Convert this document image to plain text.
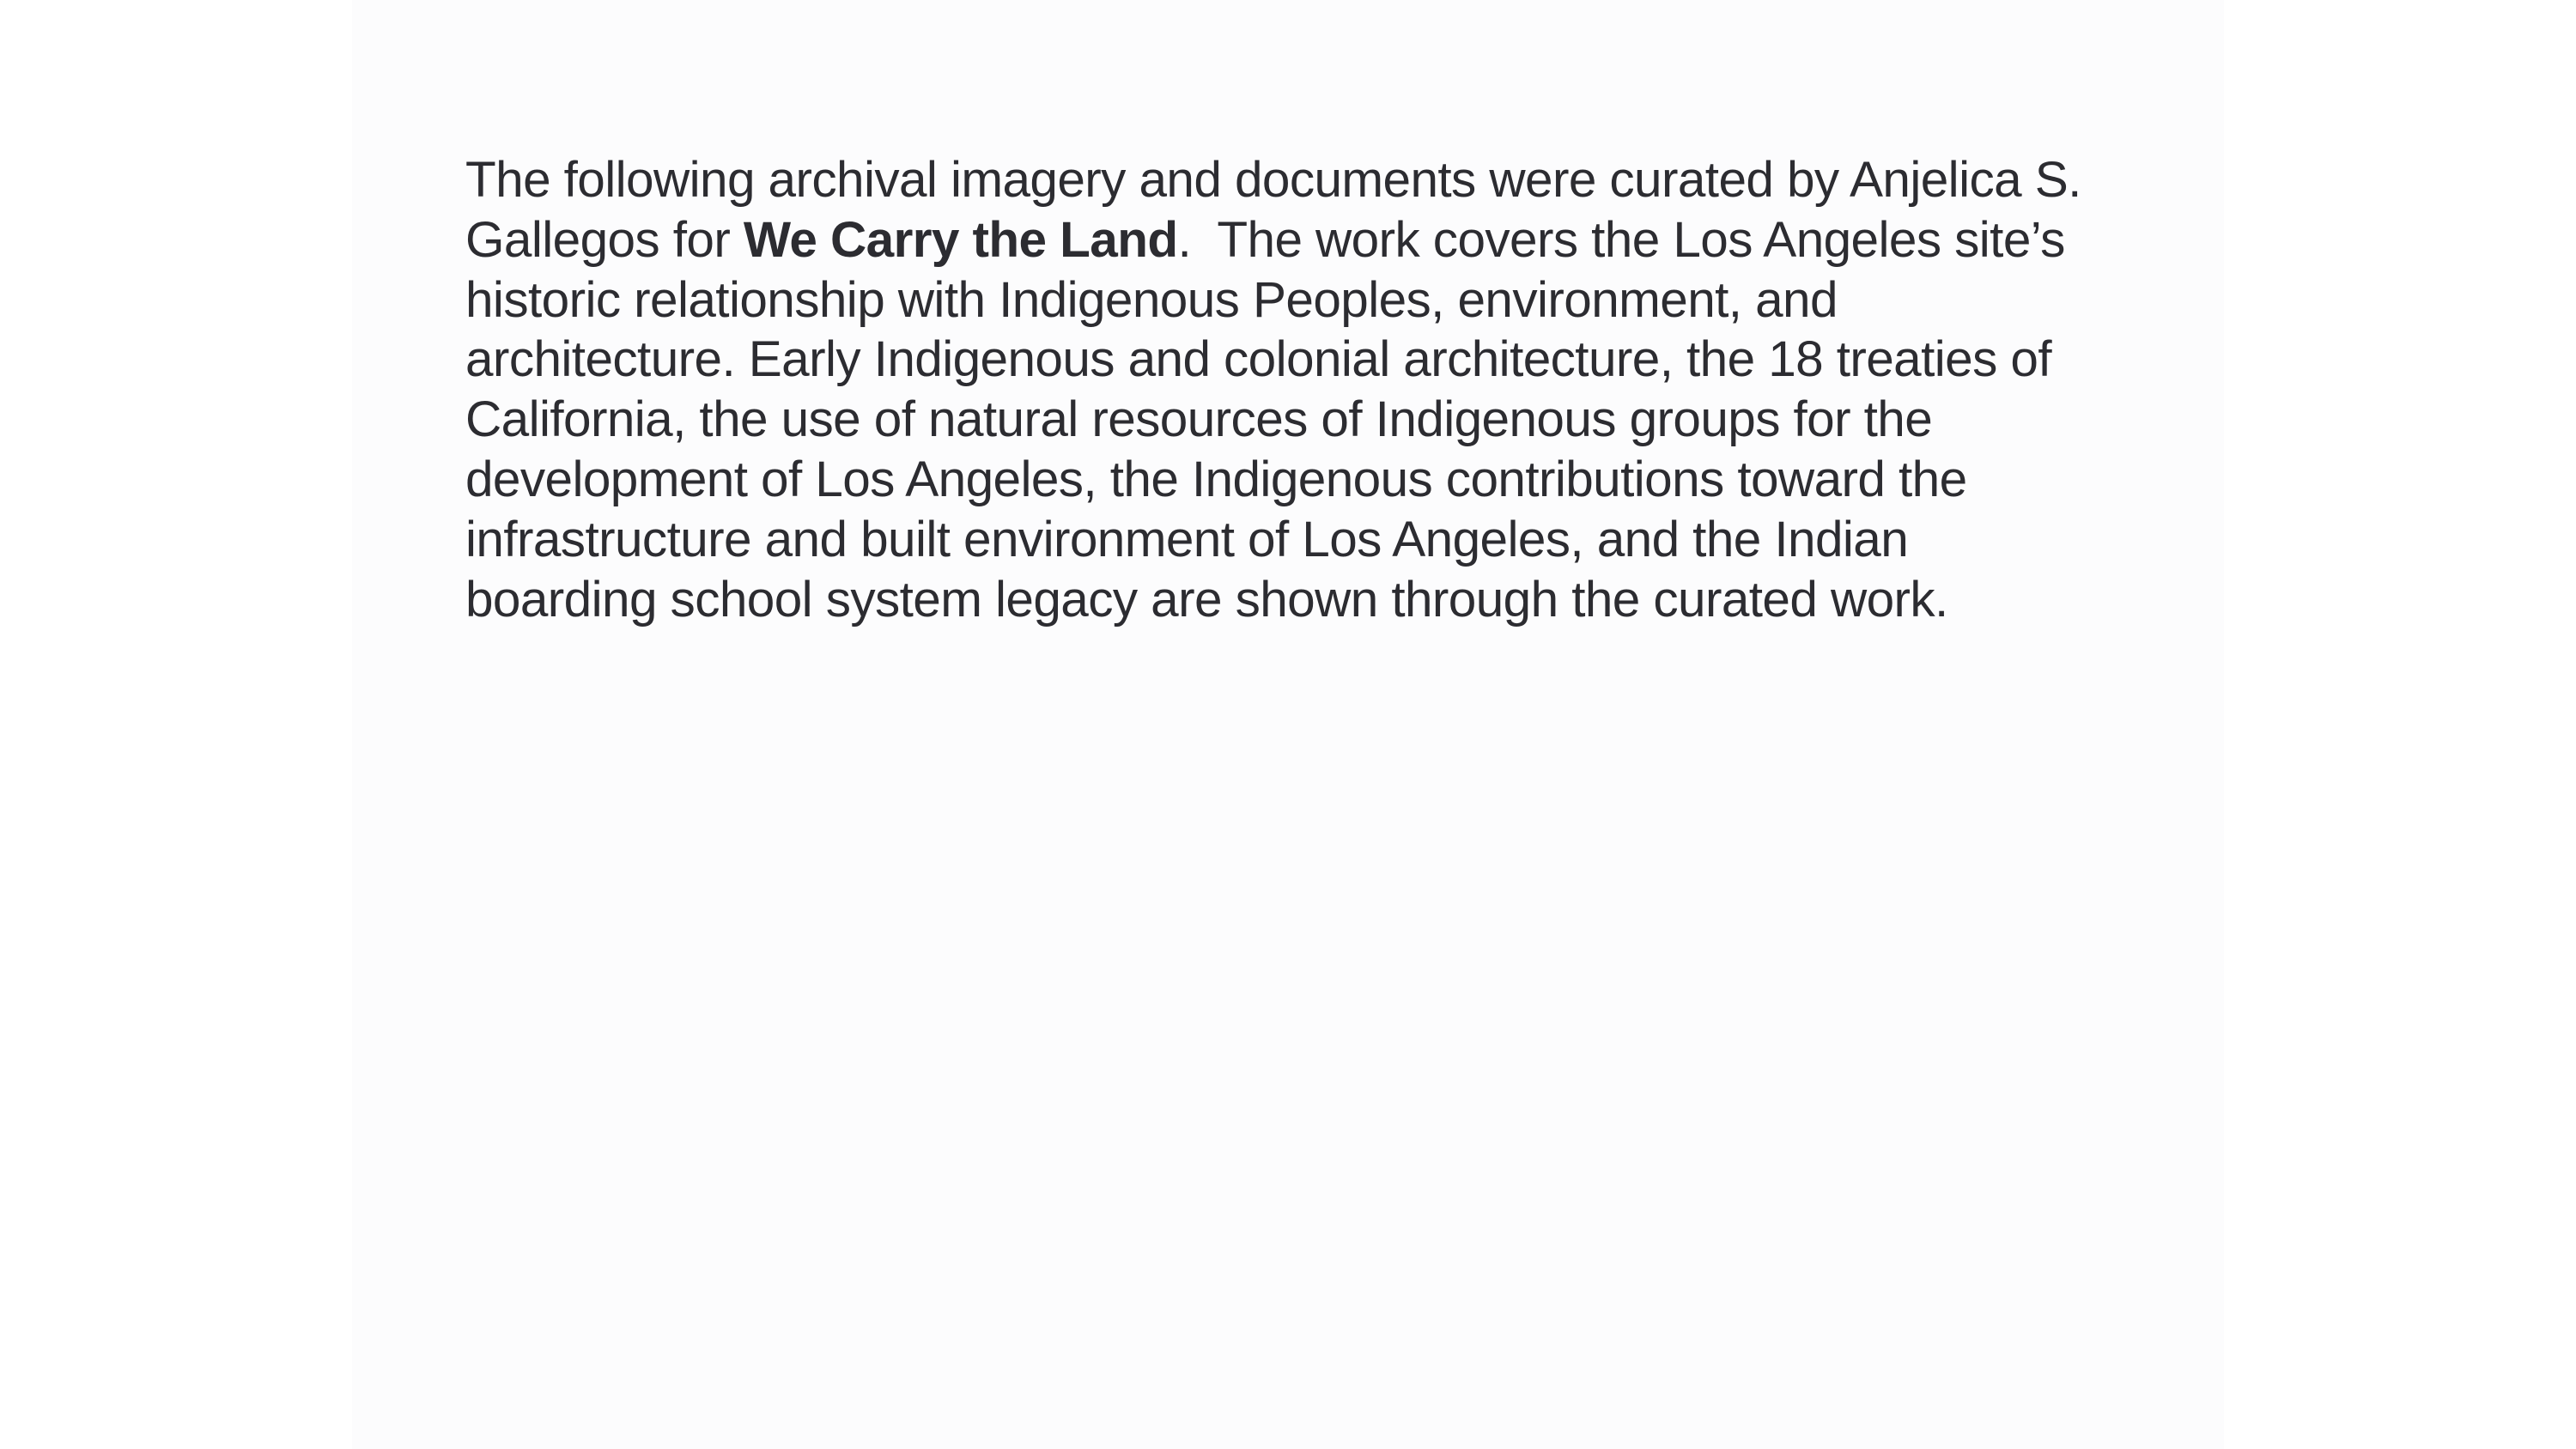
The following archival imagery and documents were curated by Anjelica S.
Gallegos for We Carry the Land.  The work covers the Los Angeles site’s
historic relationship with Indigenous Peoples, environment, and
architecture. Early Indigenous and colonial architecture, the 18 treaties of
California, the use of natural resources of Indigenous groups for the
development of Los Angeles, the Indigenous contributions toward the
infrastructure and built environment of Los Angeles, and the Indian
boarding school system legacy are shown through the curated work.
